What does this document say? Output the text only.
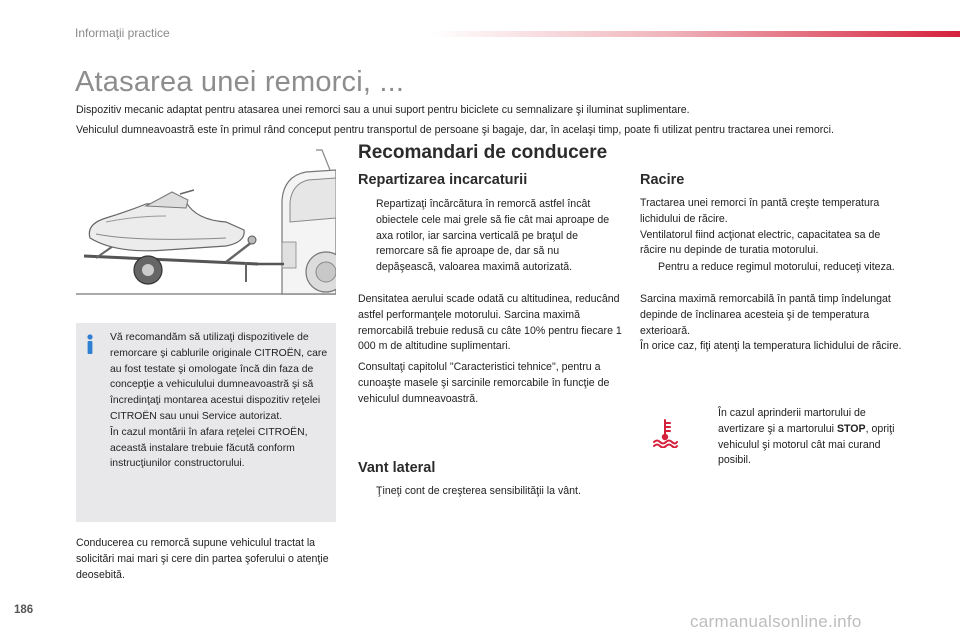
Informaţii practice
Atasarea unei remorci, ...
Dispozitiv mecanic adaptat pentru atasarea unei remorci sau a unui suport pentru biciclete cu semnalizare şi iluminat suplimentare.
Vehiculul dumneavoastră este în primul rând conceput pentru transportul de persoane şi bagaje, dar, în acelaşi timp, poate fi utilizat pentru tractarea unei remorci.
Vă recomandăm să utilizaţi dispozitivele de remorcare şi cablurile originale CITROËN, care au fost testate şi omologate încă din faza de concepţie a vehiculului dumneavoastră şi să încredinţaţi montarea acestui dispozitiv reţelei CITROËN sau unui Service autorizat.
În cazul montării în afara reţelei CITROËN, această instalare trebuie făcută conform instrucţiunilor constructorului.
Conducerea cu remorcă supune vehiculul tractat la solicitări mai mari şi cere din partea şoferului o atenţie deosebită.
Recomandari de conducere
Repartizarea incarcaturii
Repartizaţi încărcătura în remorcă astfel încât obiectele cele mai grele să fie cât mai aproape de axa rotilor, iar sarcina verticală pe braţul de remorcare să fie aproape de, dar să nu depăşească, valoarea maximă autorizată.
Densitatea aerului scade odată cu altitudinea, reducând astfel performanţele motorului. Sarcina maximă remorcabilă trebuie redusă cu câte 10% pentru fiecare 1 000 m de altitudine suplimentari.
Consultaţi capitolul "Caracteristici tehnice", pentru a cunoaşte masele şi sarcinile remorcabile în funcţie de vehiculul dumneavoastră.
Vant lateral
Ţineţi cont de creşterea sensibilităţii la vânt.
Racire
Tractarea unei remorci în pantă creşte temperatura lichidului de răcire.
Ventilatorul fiind acţionat electric, capacitatea sa de răcire nu depinde de turatia motorului.
Pentru a reduce regimul motorului, reduceţi viteza.
Sarcina maximă remorcabilă în pantă timp îndelungat depinde de înclinarea acesteia şi de temperatura exterioară.
În orice caz, fiţi atenţi la temperatura lichidului de răcire.
În cazul aprinderii martorului de avertizare şi a martorului STOP, opriţi vehiculul şi motorul cât mai curand posibil.
186
carmanualsonline.info
